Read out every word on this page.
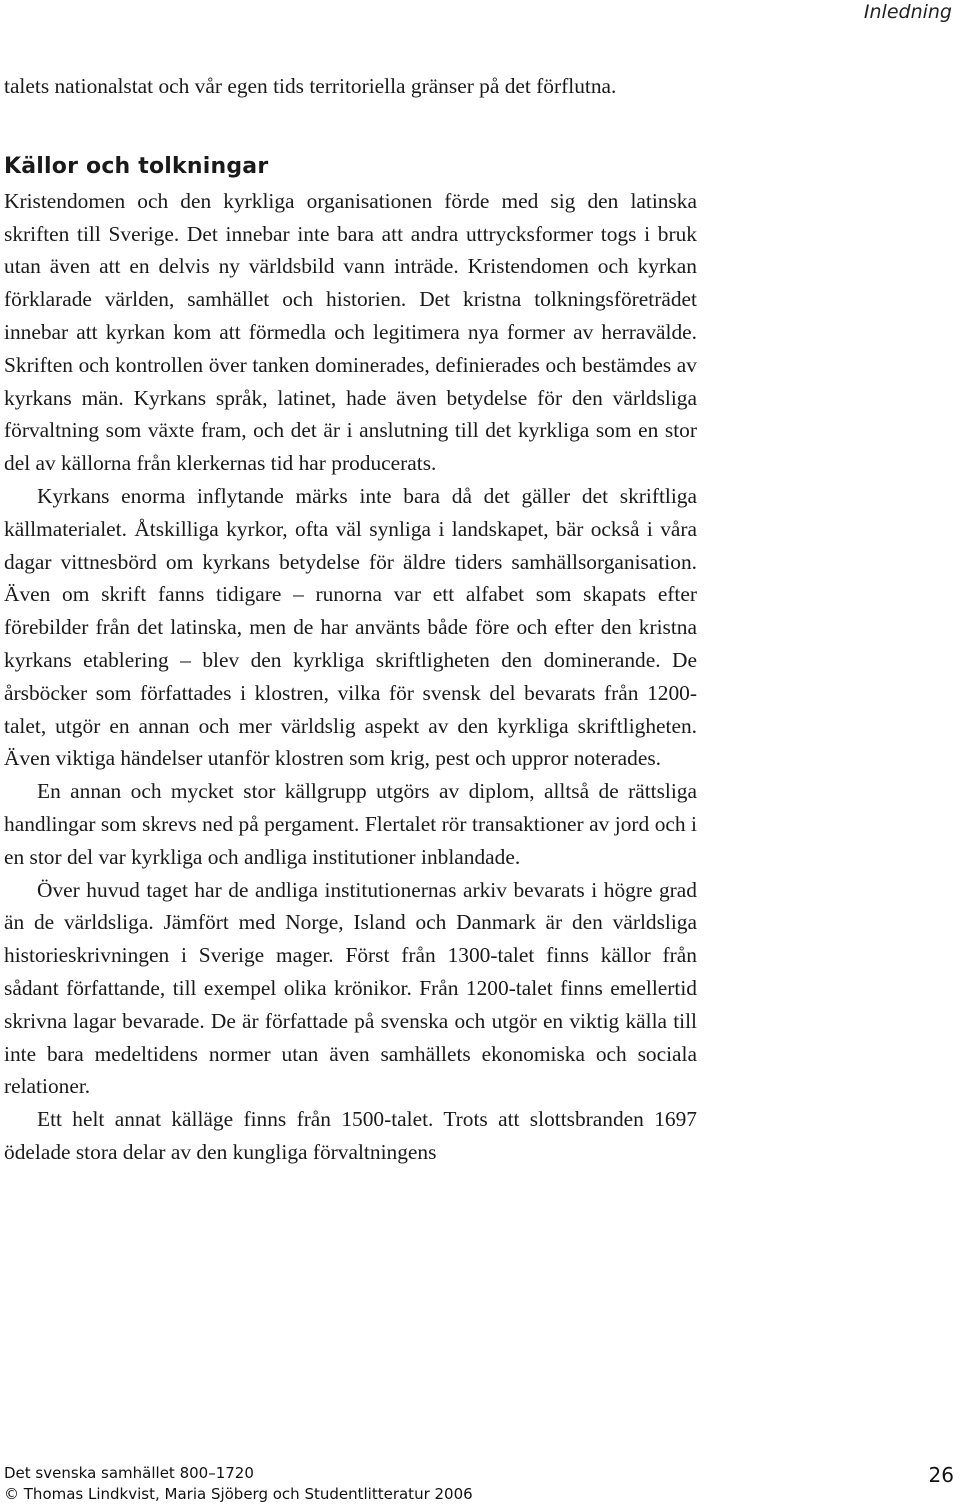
Inledning

talets nationalstat och vår egen tids territoriella gränser på det förflutna.

Källor och tolkningar

Kristendomen och den kyrkliga organisationen förde med sig den latinska skriften till Sverige. Det innebar inte bara att andra uttrycksformer togs i bruk utan även att en delvis ny världsbild vann inträde. Kristendomen och kyrkan förklarade världen, samhället och historien. Det kristna tolkningsföreträdet innebar att kyrkan kom att förmedla och legitimera nya former av herravälde. Skriften och kontrollen över tanken dominerades, definierades och bestämdes av kyrkans män. Kyrkans språk, latinet, hade även betydelse för den världsliga förvaltning som växte fram, och det är i anslutning till det kyrkliga som en stor del av källorna från klerkernas tid har producerats.

Kyrkans enorma inflytande märks inte bara då det gäller det skriftliga källmaterialet. Åtskilliga kyrkor, ofta väl synliga i landskapet, bär också i våra dagar vittnesbörd om kyrkans betydelse för äldre tiders samhällsorganisation. Även om skrift fanns tidigare – runorna var ett alfabet som skapats efter förebilder från det latinska, men de har använts både före och efter den kristna kyrkans etablering – blev den kyrkliga skriftligheten den dominerande. De årsböcker som författades i klostren, vilka för svensk del bevarats från 1200-talet, utgör en annan och mer världslig aspekt av den kyrkliga skriftligheten. Även viktiga händelser utanför klostren som krig, pest och uppror noterades.

En annan och mycket stor källgrupp utgörs av diplom, alltså de rättsliga handlingar som skrevs ned på pergament. Flertalet rör transaktioner av jord och i en stor del var kyrkliga och andliga institutioner inblandade.

Över huvud taget har de andliga institutionernas arkiv bevarats i högre grad än de världsliga. Jämfört med Norge, Island och Danmark är den världsliga historieskrivningen i Sverige mager. Först från 1300-talet finns källor från sådant författande, till exempel olika krönikor. Från 1200-talet finns emellertid skrivna lagar bevarade. De är författade på svenska och utgör en viktig källa till inte bara medeltidens normer utan även samhällets ekonomiska och sociala relationer.

Ett helt annat källäge finns från 1500-talet. Trots att slottsbranden 1697 ödelade stora delar av den kungliga förvaltningens

Det svenska samhället 800–1720
© Thomas Lindkvist, Maria Sjöberg och Studentlitteratur 2006
26
